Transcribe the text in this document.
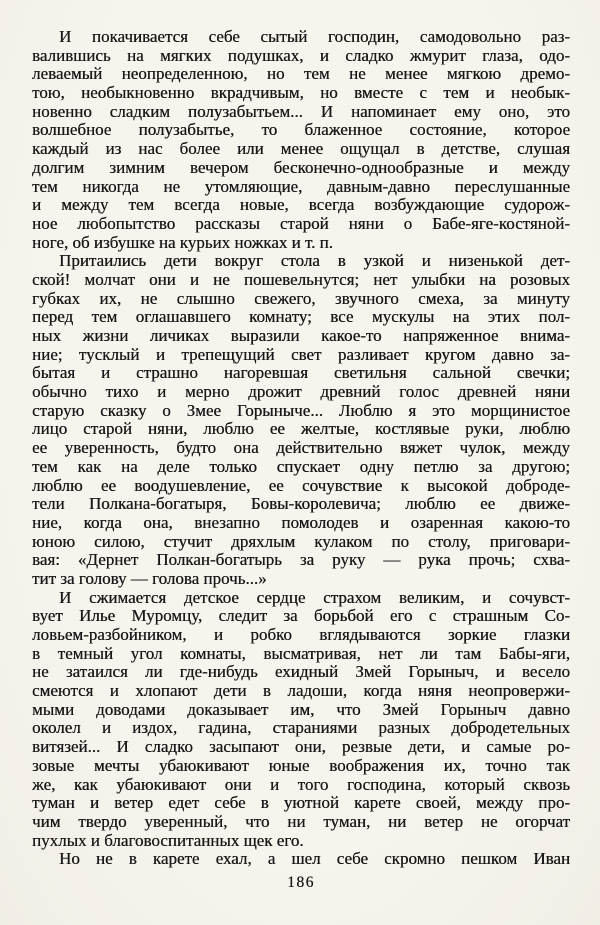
И покачивается себе сытый господин, самодовольно раз-
валившись на мягких подушках, и сладко жмурит глаза, одо-
леваемый неопределенною, но тем не менее мягкою дремо-
тою, необыкновенно вкрадчивым, но вместе с тем и необык-
новенно сладким полузабытьем... И напоминает ему оно, это
волшебное полузабытье, то блаженное состояние, которое
каждый из нас более или менее ощущал в детстве, слушая
долгим зимним вечером бесконечно-однообразные и между
тем никогда не утомляющие, давным-давно переслушанные
и между тем всегда новые, всегда возбуждающие судорож-
ное любопытство рассказы старой няни о Бабе-яге-костяной-
ноге, об избушке на курьих ножках и т. п.
Притаились дети вокруг стола в узкой и низенькой дет-
ской! молчат они и не пошевельнутся; нет улыбки на розовых
губках их, не слышно свежего, звучного смеха, за минуту
перед тем оглашавшего комнату; все мускулы на этих пол-
ных жизни личиках выразили какое-то напряженное внима-
ние; тусклый и трепещущий свет разливает кругом давно за-
бытая и страшно нагоревшая светильня сальной свечки;
обычно тихо и мерно дрожит древний голос древней няни
старую сказку о Змее Горыныче... Люблю я это морщинистое
лицо старой няни, люблю ее желтые, костлявые руки, люблю
ее уверенность, будто она действительно вяжет чулок, между
тем как на деле только спускает одну петлю за другою;
люблю ее воодушевление, ее сочувствие к высокой доброде-
тели Полкана-богатыря, Бовы-королевича; люблю ее движе-
ние, когда она, внезапно помолодев и озаренная какою-то
юною силою, стучит дряхлым кулаком по столу, приговари-
вая: «Дернет Полкан-богатырь за руку — рука прочь; схва-
тит за голову — голова прочь...»
И сжимается детское сердце страхом великим, и сочувст-
вует Илье Муромцу, следит за борьбой его с страшным Со-
ловьем-разбойником, и робко вглядываются зоркие глазки
в темный угол комнаты, высматривая, нет ли там Бабы-яги,
не затаился ли где-нибудь ехидный Змей Горыныч, и весело
смеются и хлопают дети в ладоши, когда няня неопровержи-
мыми доводами доказывает им, что Змей Горыныч давно
околел и издох, гадина, стараниями разных добродетельных
витязей... И сладко засыпают они, резвые дети, и самые ро-
зовые мечты убаюкивают юные воображения их, точно так
же, как убаюкивают они и того господина, который сквозь
туман и ветер едет себе в уютной карете своей, между про-
чим твердо уверенный, что ни туман, ни ветер не огорчат
пухлых и благовоспитанных щек его.
Но не в карете ехал, а шел себе скромно пешком Иван
186
